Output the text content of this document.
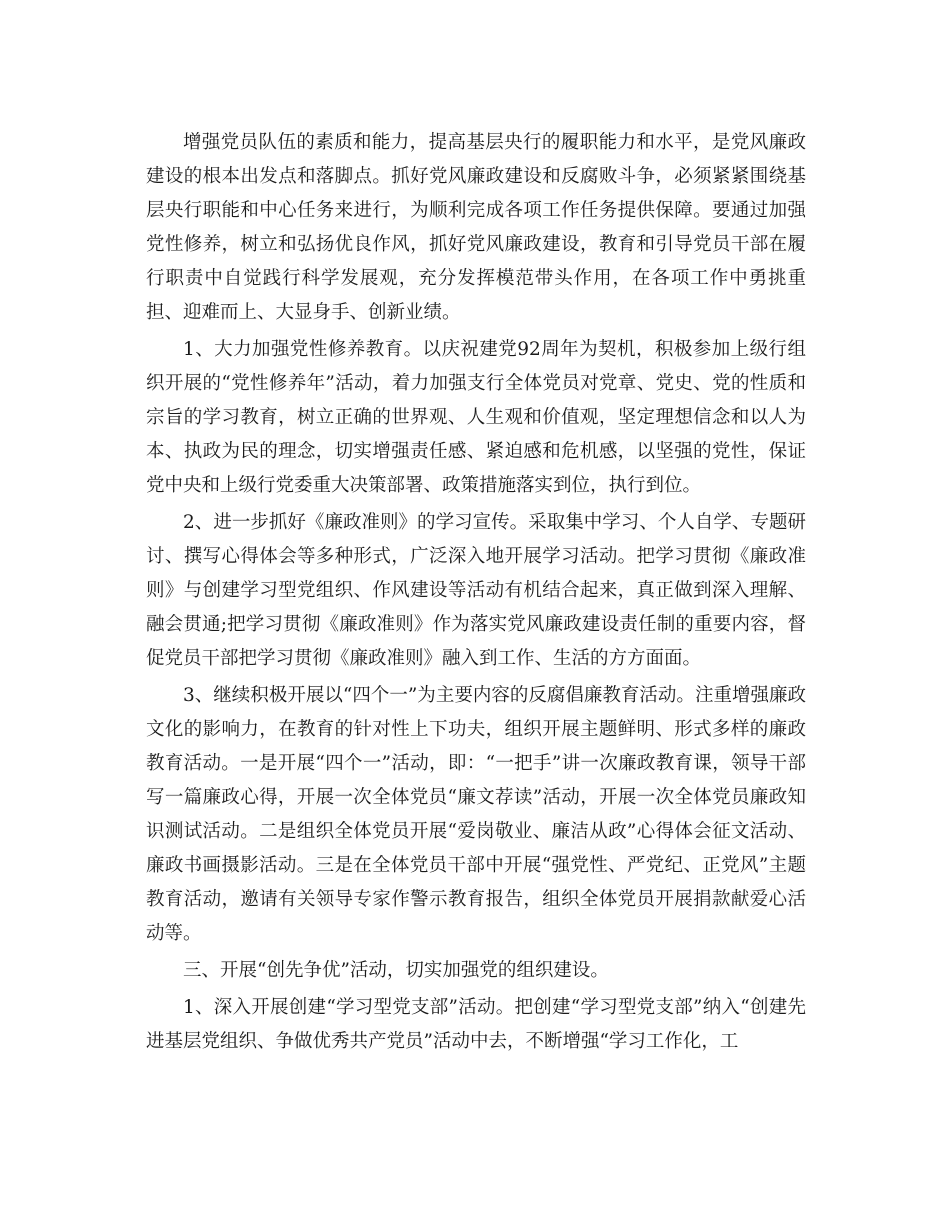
增强党员队伍的素质和能力，提高基层央行的履职能力和水平，是党风廉政建设的根本出发点和落脚点。抓好党风廉政建设和反腐败斗争，必须紧紧围绕基层央行职能和中心任务来进行，为顺利完成各项工作任务提供保障。要通过加强党性修养，树立和弘扬优良作风，抓好党风廉政建设，教育和引导党员干部在履行职责中自觉践行科学发展观，充分发挥模范带头作用，在各项工作中勇挑重担、迎难而上、大显身手、创新业绩。

1、大力加强党性修养教育。以庆祝建党92周年为契机，积极参加上级行组织开展的“党性修养年”活动，着力加强支行全体党员对党章、党史、党的性质和宗旨的学习教育，树立正确的世界观、人生观和价值观，坚定理想信念和以人为本、执政为民的理念，切实增强责任感、紧迫感和危机感，以坚强的党性，保证党中央和上级行党委重大决策部署、政策措施落实到位，执行到位。

2、进一步抓好《廉政准则》的学习宣传。采取集中学习、个人自学、专题研讨、撰写心得体会等多种形式，广泛深入地开展学习活动。把学习贯彻《廉政准则》与创建学习型党组织、作风建设等活动有机结合起来，真正做到深入理解、融会贯通;把学习贯彻《廉政准则》作为落实党风廉政建设责任制的重要内容，督促党员干部把学习贯彻《廉政准则》融入到工作、生活的方方面面。

3、继续积极开展以“四个一”为主要内容的反腐倡廉教育活动。注重增强廉政文化的影响力，在教育的针对性上下功夫，组织开展主题鲜明、形式多样的廉政教育活动。一是开展“四个一”活动，即：“一把手”讲一次廉政教育课，领导干部写一篇廉政心得，开展一次全体党员“廉文荐读”活动，开展一次全体党员廉政知识测试活动。二是组织全体党员开展“爱岗敬业、廉洁从政”心得体会征文活动、廉政书画摄影活动。三是在全体党员干部中开展“强党性、严党纪、正党风”主题教育活动，邀请有关领导专家作警示教育报告，组织全体党员开展捐款献爱心活动等。

三、开展“创先争优”活动，切实加强党的组织建设。

1、深入开展创建“学习型党支部”活动。把创建“学习型党支部”纳入“创建先进基层党组织、争做优秀共产党员”活动中去，不断增强“学习工作化，工
